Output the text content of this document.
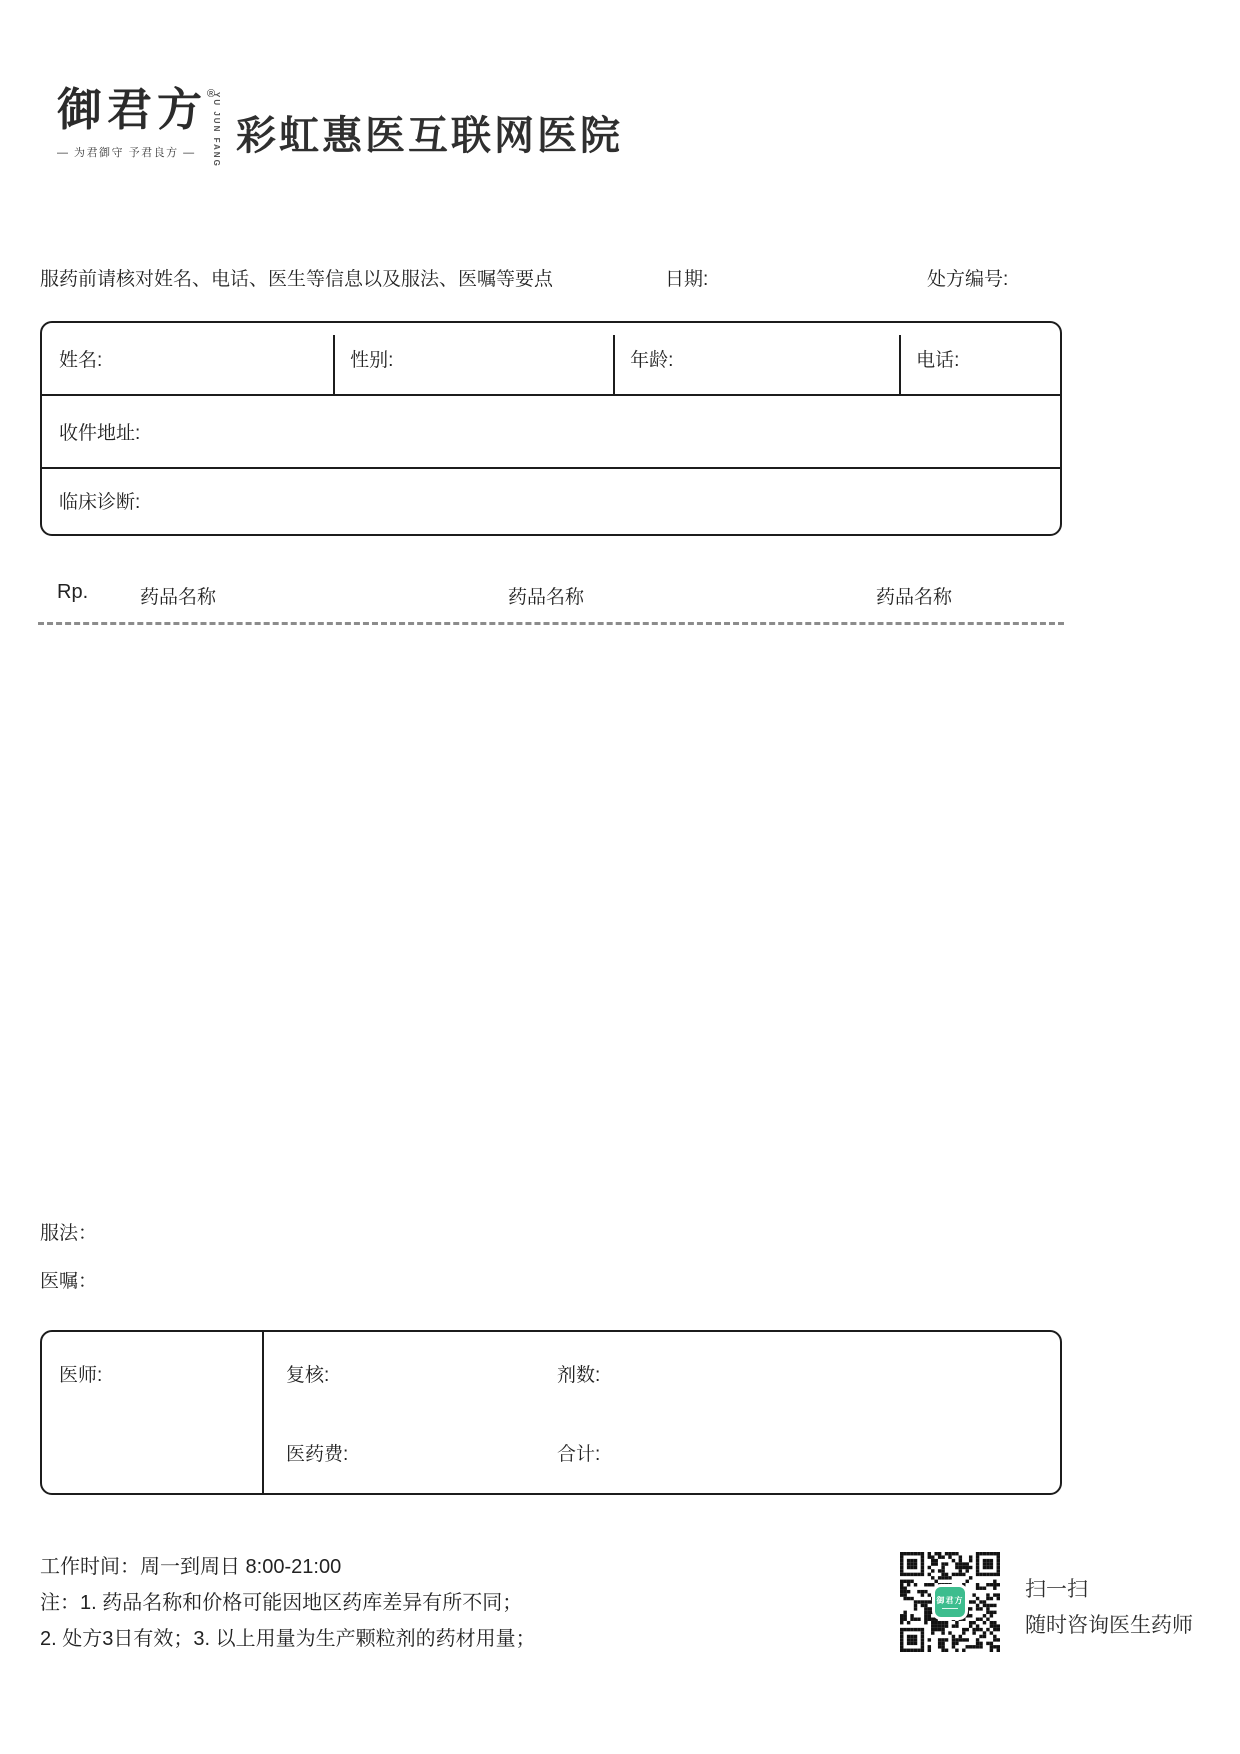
御君方®
YU JUN FANG
— 为君御守 予君良方 — 彩虹惠医互联网医院
服药前请核对姓名、电话、医生等信息以及服法、医嘱等要点	日期:	处方编号:
姓名:	性别:	年龄:	电话:
收件地址:
临床诊断:
Rp.	药品名称	药品名称	药品名称
服法：
医嘱：
医师:	复核:	剂数:
医药费:	合计:
工作时间：周一到周日 8:00-21:00
注：1. 药品名称和价格可能因地区药库差异有所不同；
2. 处方3日有效；3. 以上用量为生产颗粒剂的药材用量；
御君方	扫一扫
随时咨询医生药师
